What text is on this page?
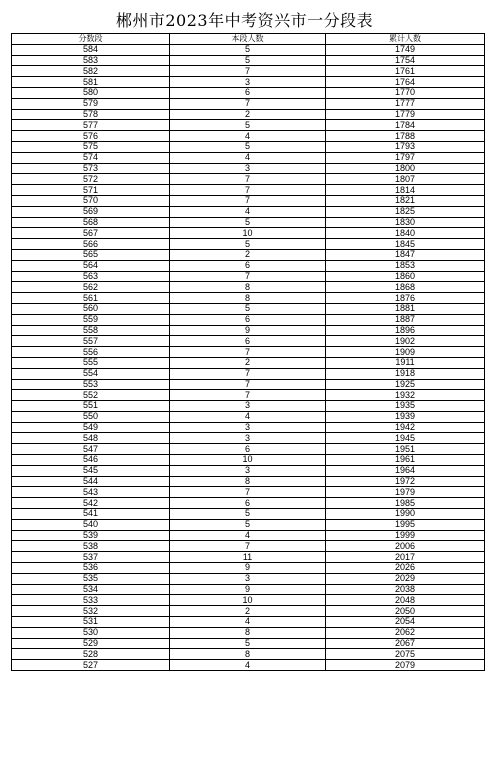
郴州市2023年中考资兴市一分段表
分数段	本段人数	累计人数
584	5	1749
583	5	1754
582	7	1761
581	3	1764
580	6	1770
579	7	1777
578	2	1779
577	5	1784
576	4	1788
575	5	1793
574	4	1797
573	3	1800
572	7	1807
571	7	1814
570	7	1821
569	4	1825
568	5	1830
567	10	1840
566	5	1845
565	2	1847
564	6	1853
563	7	1860
562	8	1868
561	8	1876
560	5	1881
559	6	1887
558	9	1896
557	6	1902
556	7	1909
555	2	1911
554	7	1918
553	7	1925
552	7	1932
551	3	1935
550	4	1939
549	3	1942
548	3	1945
547	6	1951
546	10	1961
545	3	1964
544	8	1972
543	7	1979
542	6	1985
541	5	1990
540	5	1995
539	4	1999
538	7	2006
537	11	2017
536	9	2026
535	3	2029
534	9	2038
533	10	2048
532	2	2050
531	4	2054
530	8	2062
529	5	2067
528	8	2075
527	4	2079
